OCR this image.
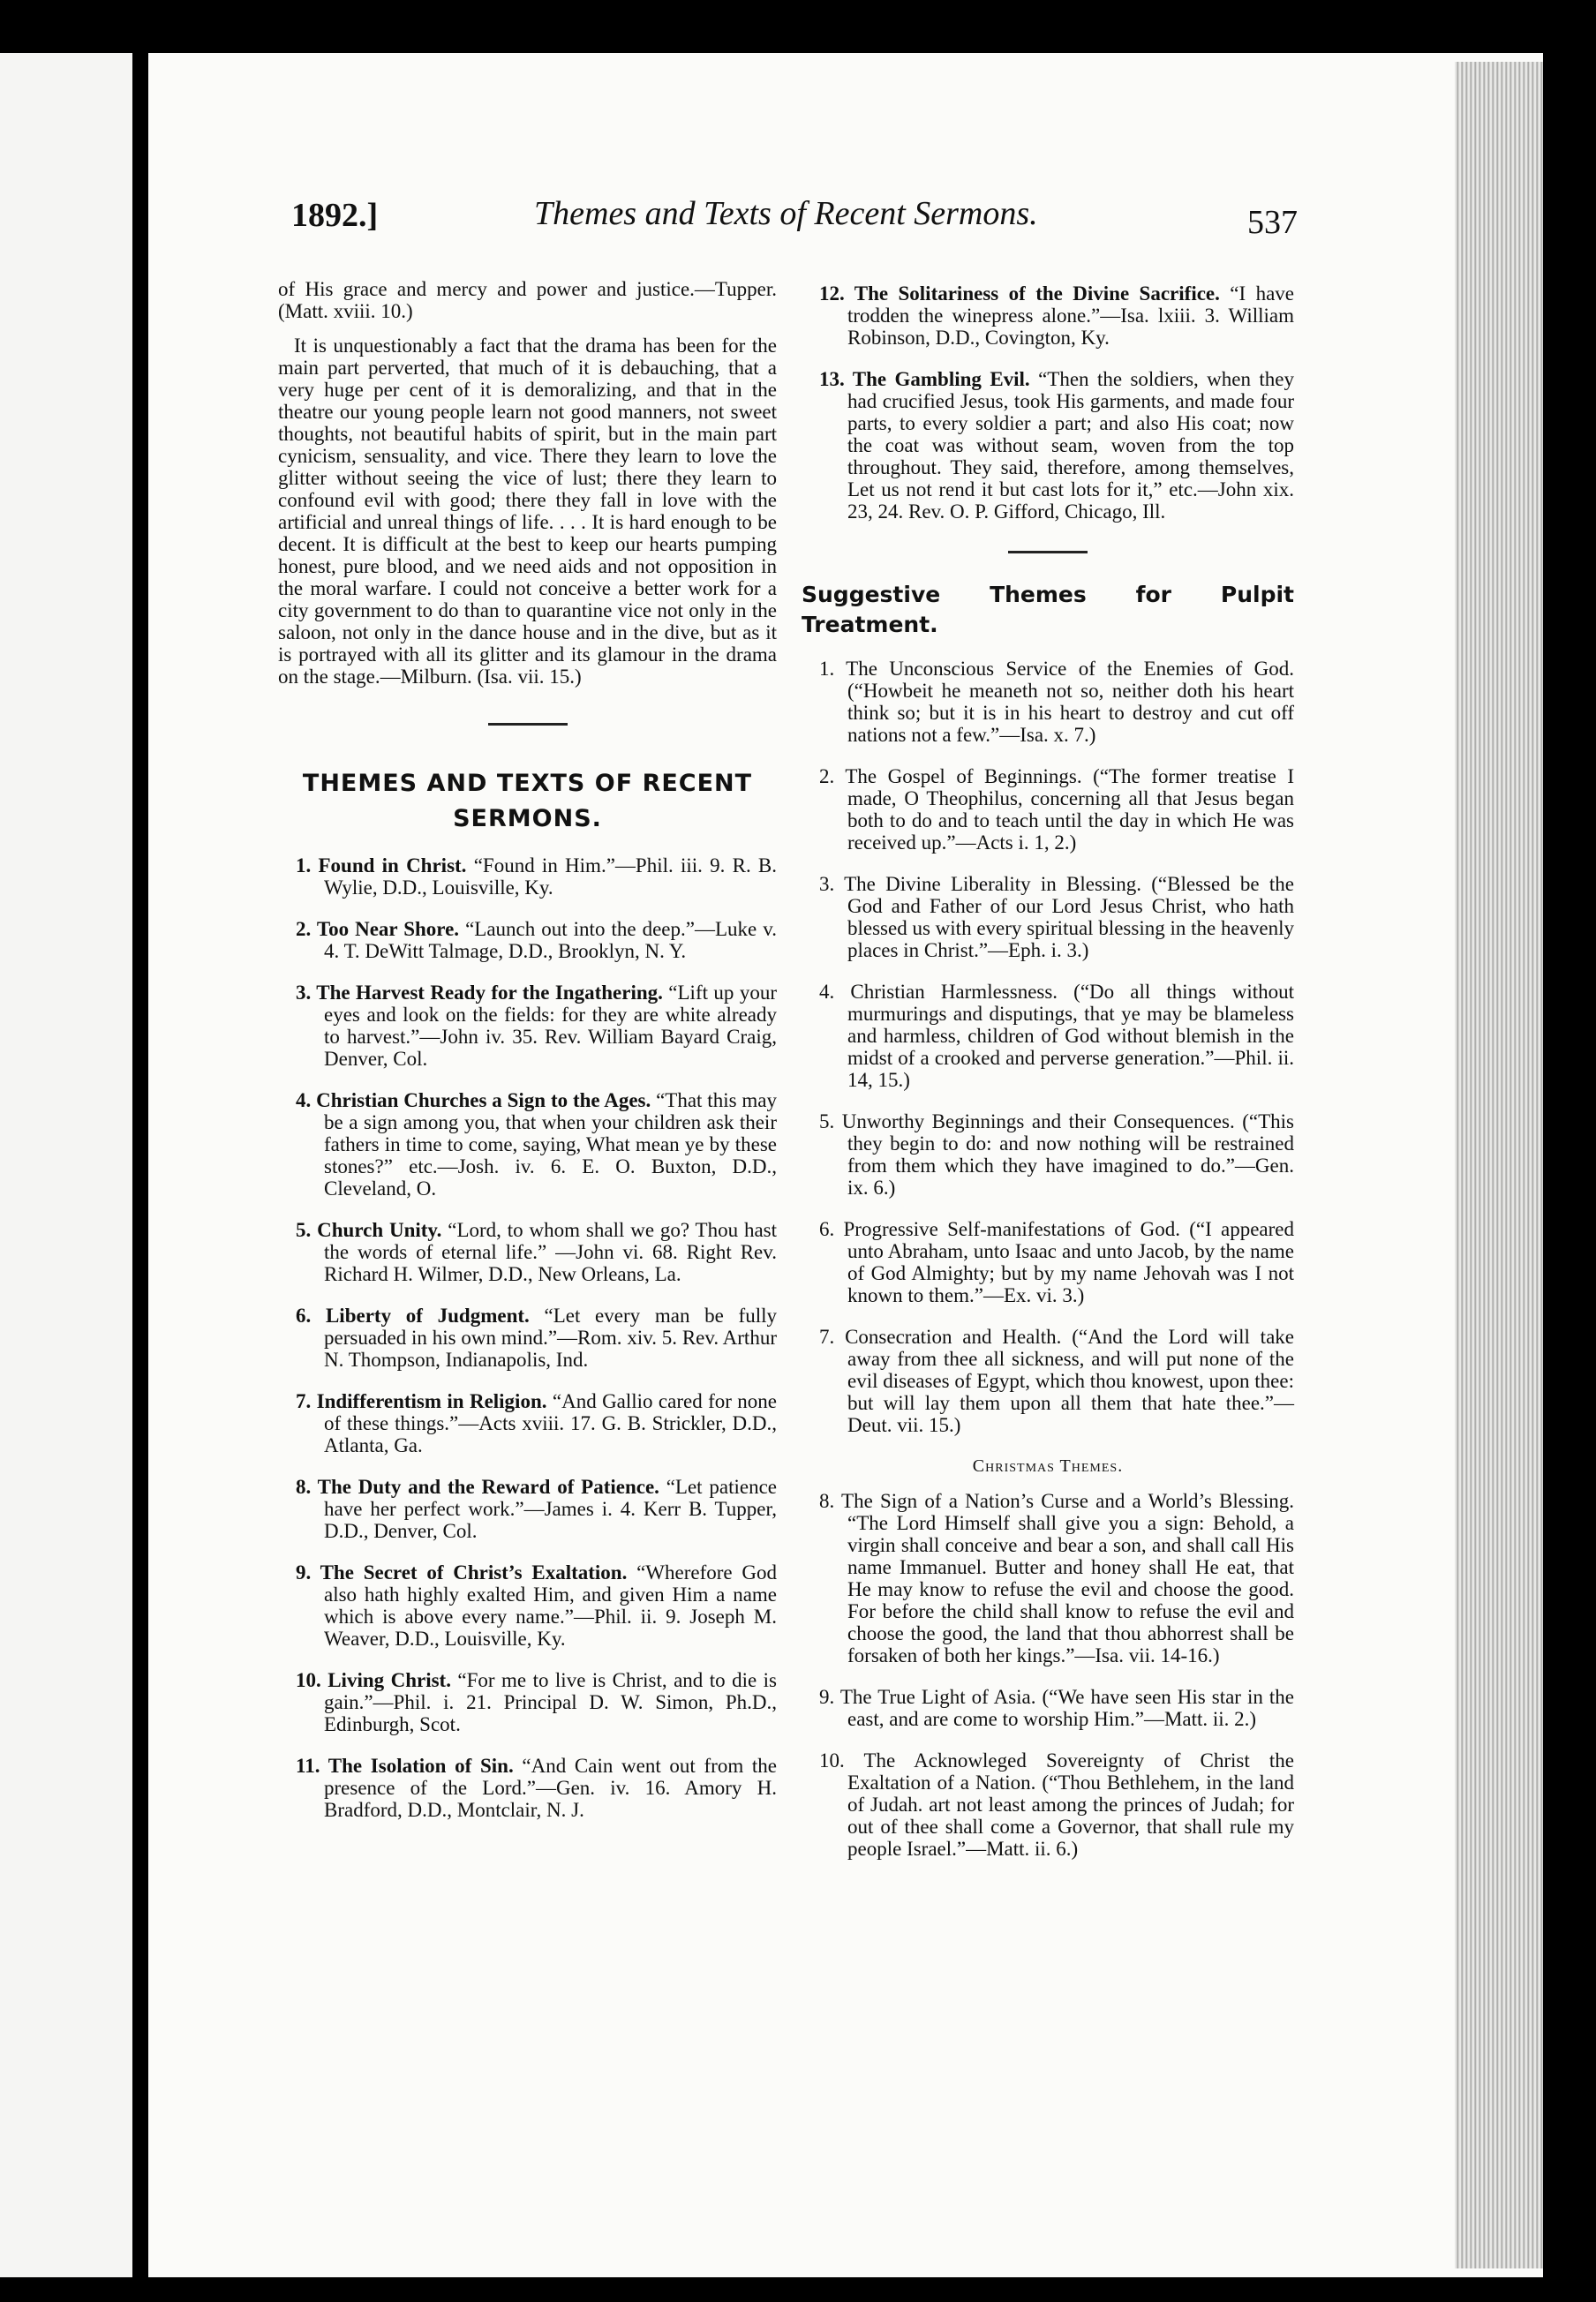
1892.]	Themes and Texts of Recent Sermons.	537

of His grace and mercy and power and justice.—Tupper. (Matt. xviii. 10.)

It is unquestionably a fact that the drama has been for the main part perverted, that much of it is debauching, that a very huge per cent of it is demoralizing, and that in the theatre our young people learn not good manners, not sweet thoughts, not beautiful habits of spirit, but in the main part cynicism, sensuality, and vice. There they learn to love the glitter without seeing the vice of lust; there they learn to confound evil with good; there they fall in love with the artificial and unreal things of life. . . . It is hard enough to be decent. It is difficult at the best to keep our hearts pumping honest, pure blood, and we need aids and not opposition in the moral warfare. I could not conceive a better work for a city government to do than to quarantine vice not only in the saloon, not only in the dance house and in the dive, but as it is portrayed with all its glitter and its glamour in the drama on the stage.—Milburn. (Isa. vii. 15.)

THEMES AND TEXTS OF RECENT SERMONS.
1. Found in Christ. “Found in Him.”—Phil. iii. 9. R. B. Wylie, D.D., Louisville, Ky.
2. Too Near Shore. “Launch out into the deep.”—Luke v. 4. T. DeWitt Talmage, D.D., Brooklyn, N. Y.
3. The Harvest Ready for the Ingathering. “Lift up your eyes and look on the fields: for they are white already to harvest.”—John iv. 35. Rev. William Bayard Craig, Denver, Col.
4. Christian Churches a Sign to the Ages. “That this may be a sign among you, that when your children ask their fathers in time to come, saying, What mean ye by these stones?” etc.—Josh. iv. 6. E. O. Buxton, D.D., Cleveland, O.
5. Church Unity. “Lord, to whom shall we go? Thou hast the words of eternal life.” —John vi. 68. Right Rev. Richard H. Wilmer, D.D., New Orleans, La.
6. Liberty of Judgment. “Let every man be fully persuaded in his own mind.”—Rom. xiv. 5. Rev. Arthur N. Thompson, Indianapolis, Ind.
7. Indifferentism in Religion. “And Gallio cared for none of these things.”—Acts xviii. 17. G. B. Strickler, D.D., Atlanta, Ga.
8. The Duty and the Reward of Patience. “Let patience have her perfect work.”—James i. 4. Kerr B. Tupper, D.D., Denver, Col.
9. The Secret of Christ’s Exaltation. “Wherefore God also hath highly exalted Him, and given Him a name which is above every name.”—Phil. ii. 9. Joseph M. Weaver, D.D., Louisville, Ky.
10. Living Christ. “For me to live is Christ, and to die is gain.”—Phil. i. 21. Principal D. W. Simon, Ph.D., Edinburgh, Scot.
11. The Isolation of Sin. “And Cain went out from the presence of the Lord.”—Gen. iv. 16. Amory H. Bradford, D.D., Montclair, N. J.
12. The Solitariness of the Divine Sacrifice. “I have trodden the winepress alone.”—Isa. lxiii. 3. William Robinson, D.D., Covington, Ky.
13. The Gambling Evil. “Then the soldiers, when they had crucified Jesus, took His garments, and made four parts, to every soldier a part; and also His coat; now the coat was without seam, woven from the top throughout. They said, therefore, among themselves, Let us not rend it but cast lots for it,” etc.—John xix. 23, 24. Rev. O. P. Gifford, Chicago, Ill.
Suggestive Themes for Pulpit Treatment.
1. The Unconscious Service of the Enemies of God. (“Howbeit he meaneth not so, neither doth his heart think so; but it is in his heart to destroy and cut off nations not a few.”—Isa. x. 7.)
2. The Gospel of Beginnings. (“The former treatise I made, O Theophilus, concerning all that Jesus began both to do and to teach until the day in which He was received up.”—Acts i. 1, 2.)
3. The Divine Liberality in Blessing. (“Blessed be the God and Father of our Lord Jesus Christ, who hath blessed us with every spiritual blessing in the heavenly places in Christ.”—Eph. i. 3.)
4. Christian Harmlessness. (“Do all things without murmurings and disputings, that ye may be blameless and harmless, children of God without blemish in the midst of a crooked and perverse generation.”—Phil. ii. 14, 15.)
5. Unworthy Beginnings and their Consequences. (“This they begin to do: and now nothing will be restrained from them which they have imagined to do.”—Gen. ix. 6.)
6. Progressive Self-manifestations of God. (“I appeared unto Abraham, unto Isaac and unto Jacob, by the name of God Almighty; but by my name Jehovah was I not known to them.”—Ex. vi. 3.)
7. Consecration and Health. (“And the Lord will take away from thee all sickness, and will put none of the evil diseases of Egypt, which thou knowest, upon thee: but will lay them upon all them that hate thee.”—Deut. vii. 15.)
Christmas Themes.
8. The Sign of a Nation’s Curse and a World’s Blessing. “The Lord Himself shall give you a sign: Behold, a virgin shall conceive and bear a son, and shall call His name Immanuel. Butter and honey shall He eat, that He may know to refuse the evil and choose the good. For before the child shall know to refuse the evil and choose the good, the land that thou abhorrest shall be forsaken of both her kings.”—Isa. vii. 14-16.)
9. The True Light of Asia. (“We have seen His star in the east, and are come to worship Him.”—Matt. ii. 2.)
10. The Acknowleged Sovereignty of Christ the Exaltation of a Nation. (“Thou Bethlehem, in the land of Judah. art not least among the princes of Judah; for out of thee shall come a Governor, that shall rule my people Israel.”—Matt. ii. 6.)
